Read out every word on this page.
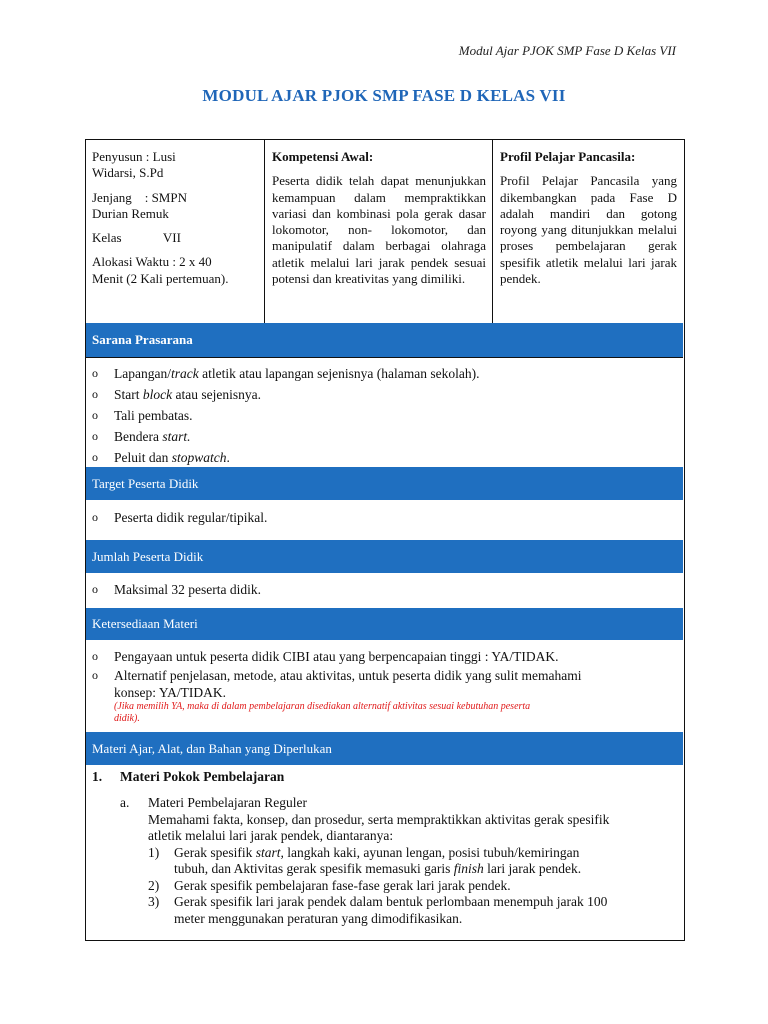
Modul Ajar PJOK SMP Fase D Kelas VII
MODUL AJAR PJOK SMP FASE D KELAS VII

Penyusun : Lusi
Widarsi, S.Pd

Jenjang    : SMPN
Durian Remuk

Kelas	VII

Alokasi Waktu : 2 x 40
Menit (2 Kali pertemuan).

Kompetensi Awal:
Peserta didik telah dapat menunjukkan kemampuan dalam mempraktikkan variasi dan kombinasi pola gerak dasar lokomotor, non- lokomotor, dan manipulatif dalam berbagai olahraga atletik melalui lari jarak pendek sesuai potensi dan kreativitas yang dimiliki.
Profil Pelajar Pancasila:
Profil Pelajar Pancasila yang dikembangkan pada Fase D adalah mandiri dan gotong royong yang ditunjukkan melalui proses pembelajaran gerak spesifik atletik melalui lari jarak pendek.
Sarana Prasarana
o Lapangan/track atletik atau lapangan sejenisnya (halaman sekolah).
o Start block atau sejenisnya.
o Tali pembatas.
o Bendera start.
o Peluit dan stopwatch.
Target Peserta Didik
o Peserta didik regular/tipikal.
Jumlah Peserta Didik
o Maksimal 32 peserta didik.
Ketersediaan Materi
o Pengayaan untuk peserta didik CIBI atau yang berpencapaian tinggi : YA/TIDAK.
o Alternatif penjelasan, metode, atau aktivitas, untuk peserta didik yang sulit memahami
konsep: YA/TIDAK.
(Jika memilih YA, maka di dalam pembelajaran disediakan alternatif aktivitas sesuai kebutuhan peserta
didik).
Materi Ajar, Alat, dan Bahan yang Diperlukan
1. Materi Pokok Pembelajaran
a. Materi Pembelajaran Reguler
Memahami fakta, konsep, dan prosedur, serta mempraktikkan aktivitas gerak spesifik
atletik melalui lari jarak pendek, diantaranya:
1) Gerak spesifik start, langkah kaki, ayunan lengan, posisi tubuh/kemiringan
tubuh, dan Aktivitas gerak spesifik memasuki garis finish lari jarak pendek.
2) Gerak spesifik pembelajaran fase-fase gerak lari jarak pendek.
3) Gerak spesifik lari jarak pendek dalam bentuk perlombaan menempuh jarak 100
meter menggunakan peraturan yang dimodifikasikan.
